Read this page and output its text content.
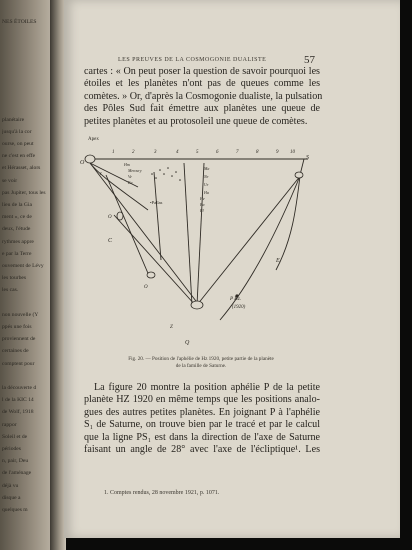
LES PREUVES DE LA COSMOGONIE DUALISTE	57
cartes : « On peut poser la question de savoir pourquoi les
étoiles et les planètes n'ont pas de queues comme les
comètes. » Or, d'après la Cosmogonie dualiste, la pulsation
des Pôles Sud fait émettre aux planètes une queue de
petites planètes et au protosoleil une queue de comètes.
Apex
O
S
1	2	3	4	5	6	7	8	9 10
Hm
Mercury
Ve
Ea
Ma
Ne
Ur
Ha
He
Pa
Pl
•Pallas
C
O
O
Z
Q
P Hz.
(1920)
E
r
Fig. 20. — Position de l'aphélie de Hz 1920, petite partie de la planète
de la famille de Saturne.
La figure 20 montre la position aphélie P de la petite
planète HZ 1920 en même temps que les positions analo-
gues des autres petites planètes. En joignant P à l'aphélie
S₁ de Saturne, on trouve bien par le tracé et par le calcul
que la ligne PS₁ est dans la direction de l'axe de Saturne
faisant un angle de 28° avec l'axe de l'écliptique¹. Les
1. Comptes rendus, 28 novembre 1921, p. 1071.
NES ÉTOILES
planétaire
jusqu'à la cor
ourse, on peut
ne c'est en effe
et Hérasset, alors
se voir
pas Jupiter, tous les
lieu de la Gia
ment », ce de
deux, l'étude
rythmes appre
e par la Terre
ouvement de Lévy
les tourbes
les cas.
non nouvelle (Y
ppés une fois
proviennent de
certaines de
comptent pour
la découverte d
l de la KIC 14
de Wolf, 1918
rappor
Soleil et de
périodes
n, pair, Deu
de l'aménage
déjà vu
disque a
quelques m
